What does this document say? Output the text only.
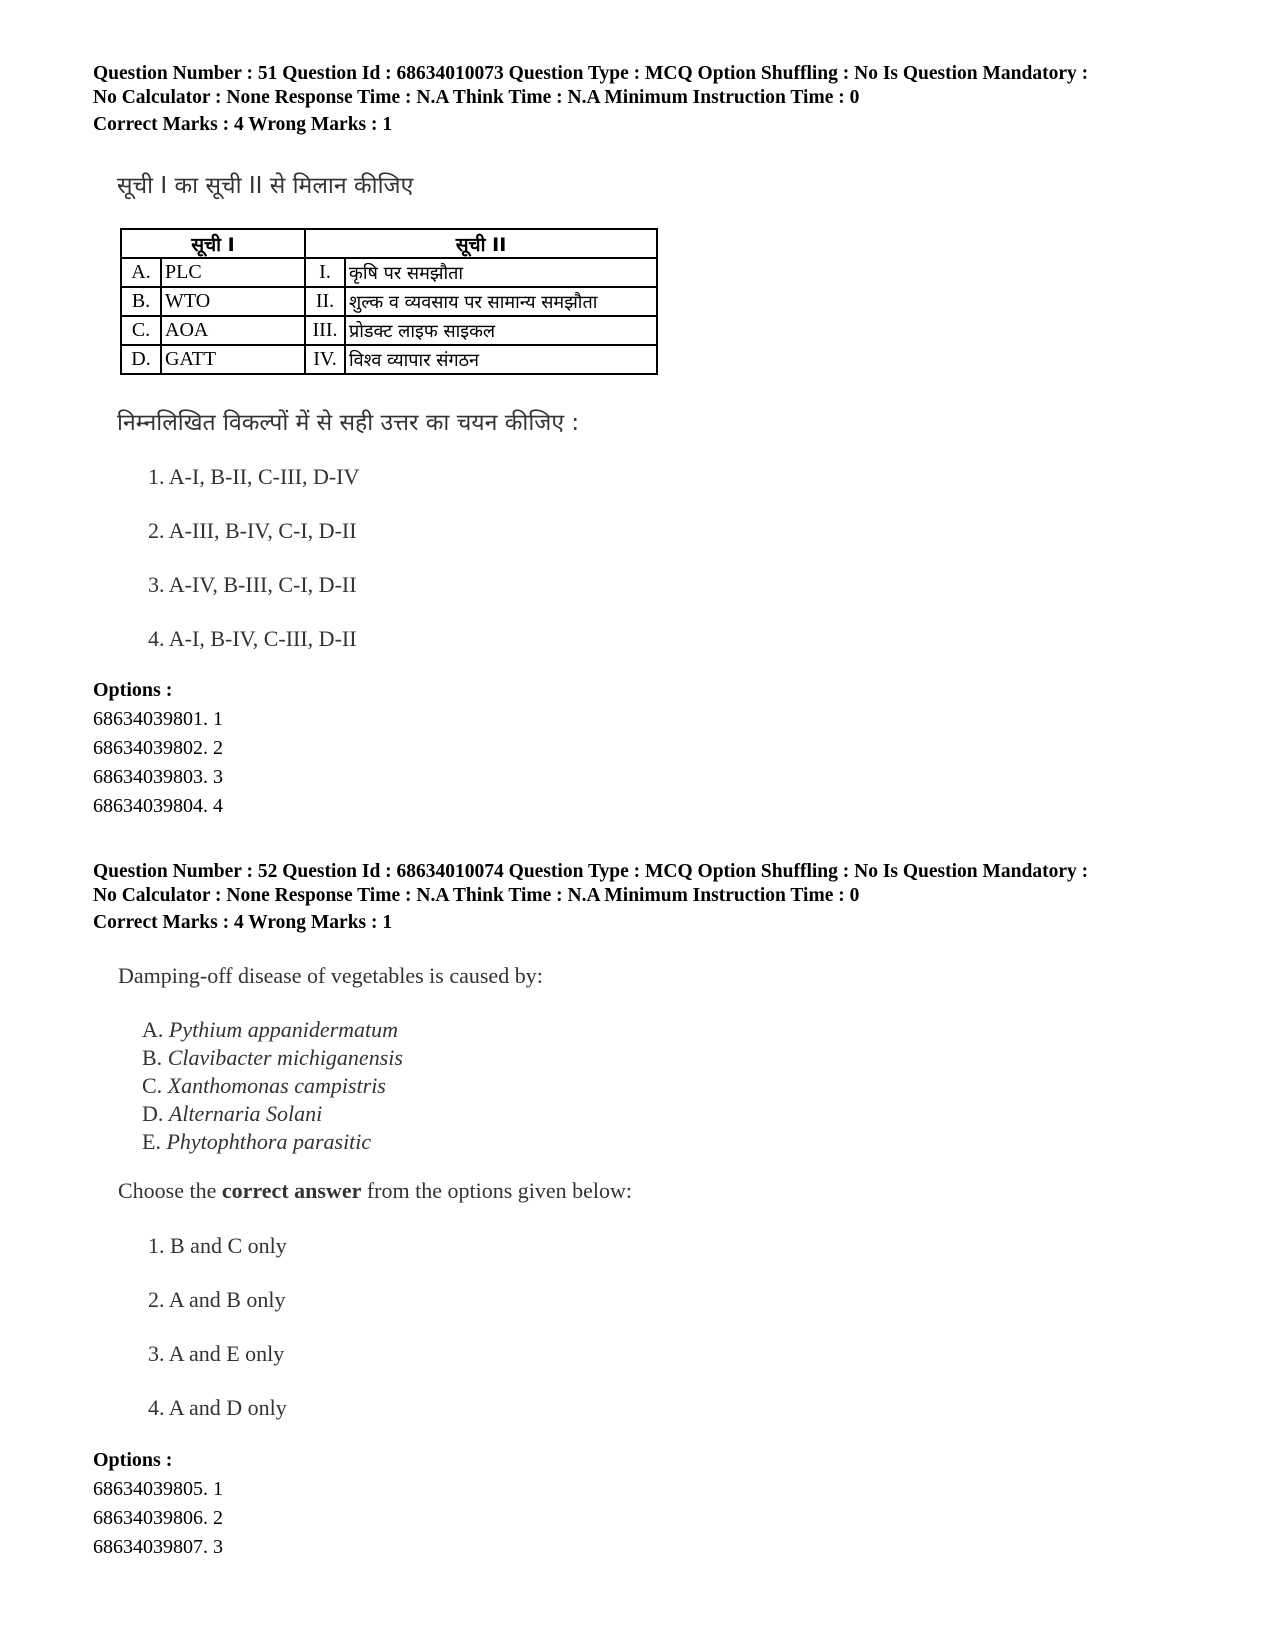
Question Number : 51 Question Id : 68634010073 Question Type : MCQ Option Shuffling : No Is Question Mandatory :
No Calculator : None Response Time : N.A Think Time : N.A Minimum Instruction Time : 0
Correct Marks : 4 Wrong Marks : 1
सूची I का सूची II से मिलान कीजिए
सूची I		सूची II	
A.	PLC	I.	कृषि पर समझौता
B.	WTO	II.	शुल्क व व्यवसाय पर सामान्य समझौता
C.	AOA	III.	प्रोडक्ट लाइफ साइकल
D.	GATT	IV.	विश्व व्यापार संगठन
निम्नलिखित विकल्पों में से सही उत्तर का चयन कीजिए :
1. A-I, B-II, C-III, D-IV
2. A-III, B-IV, C-I, D-II
3. A-IV, B-III, C-I, D-II
4. A-I, B-IV, C-III, D-II
Options :
68634039801. 1
68634039802. 2
68634039803. 3
68634039804. 4
Question Number : 52 Question Id : 68634010074 Question Type : MCQ Option Shuffling : No Is Question Mandatory :
No Calculator : None Response Time : N.A Think Time : N.A Minimum Instruction Time : 0
Correct Marks : 4 Wrong Marks : 1
Damping-off disease of vegetables is caused by:
A. Pythium appanidermatum
B. Clavibacter michiganensis
C. Xanthomonas campistris
D. Alternaria Solani
E. Phytophthora parasitic
Choose the correct answer from the options given below:
1. B and C only
2. A and B only
3. A and E only
4. A and D only
Options :
68634039805. 1
68634039806. 2
68634039807. 3
